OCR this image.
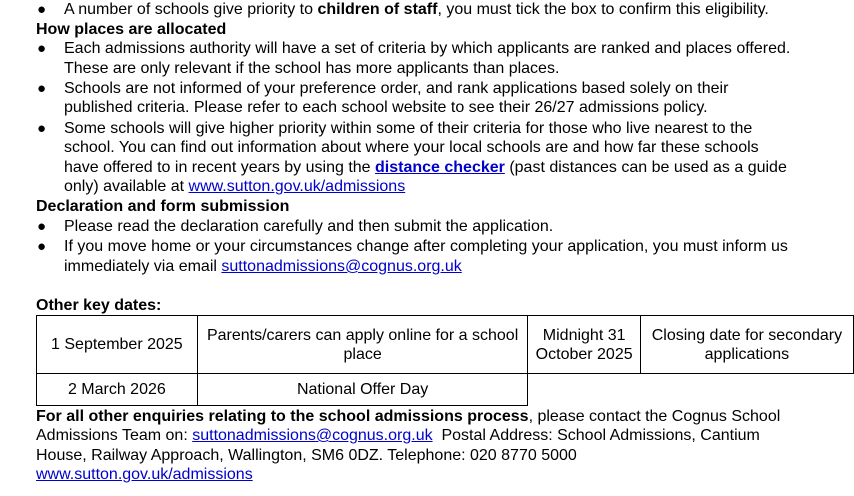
● A number of schools give priority to children of staff, you must tick the box to confirm this eligibility.
How places are allocated
● Each admissions authority will have a set of criteria by which applicants are ranked and places offered.
These are only relevant if the school has more applicants than places.
● Schools are not informed of your preference order, and rank applications based solely on their
published criteria. Please refer to each school website to see their 26/27 admissions policy.
● Some schools will give higher priority within some of their criteria for those who live nearest to the
school. You can find out information about where your local schools are and how far these schools
have offered to in recent years by using the distance checker (past distances can be used as a guide
only) available at www.sutton.gov.uk/admissions
Declaration and form submission
● Please read the declaration carefully and then submit the application.
● If you move home or your circumstances change after completing your application, you must inform us
immediately via email suttonadmissions@cognus.org.uk
Other key dates:
1 September 2025	Parents/carers can apply online for a school place	Midnight 31 October 2025	Closing date for secondary applications
2 March 2026	National Offer Day		
For all other enquiries relating to the school admissions process, please contact the Cognus School
Admissions Team on: suttonadmissions@cognus.org.uk  Postal Address: School Admissions, Cantium
House, Railway Approach, Wallington, SM6 0DZ. Telephone: 020 8770 5000
www.sutton.gov.uk/admissions
